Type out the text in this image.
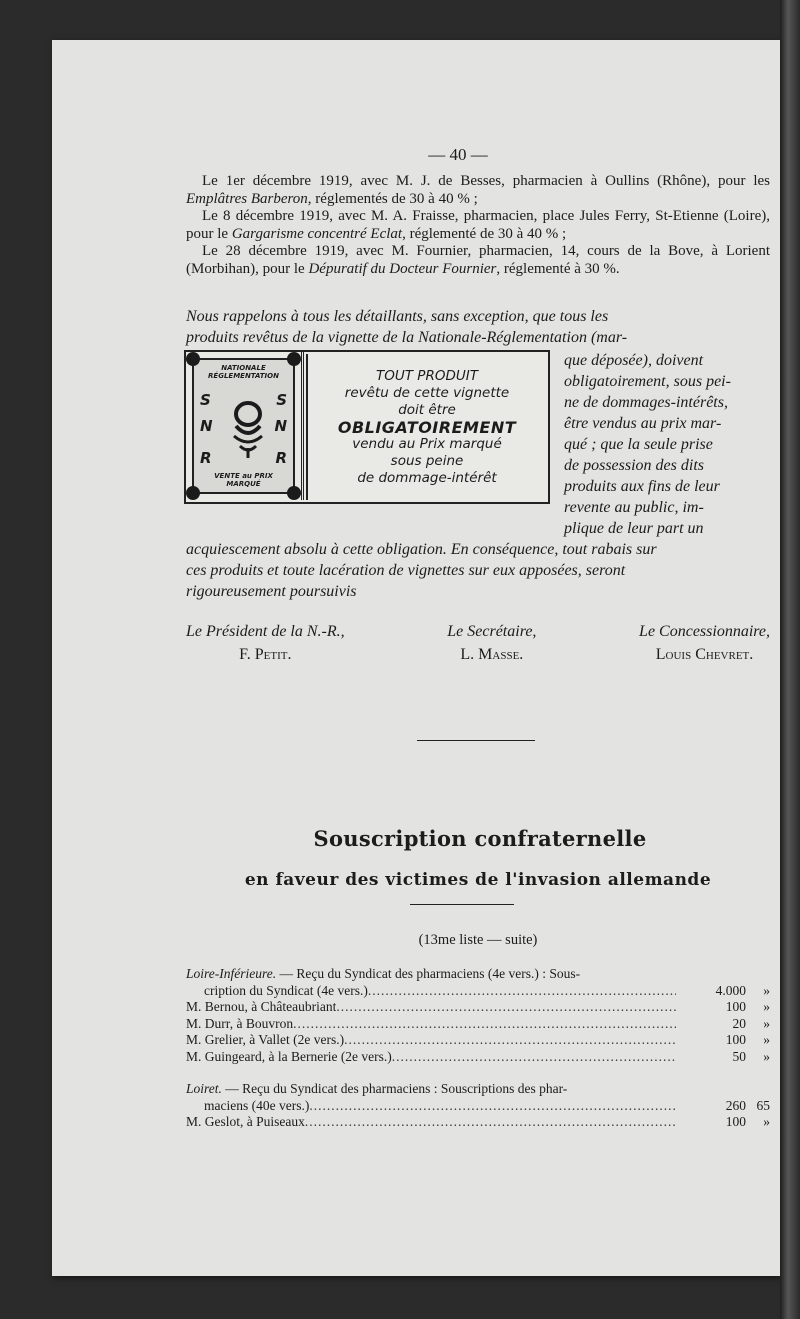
— 40 —

Le 1er décembre 1919, avec M. J. de Besses, pharmacien à Oullins (Rhône), pour les Emplâtres Barberon, réglementés de 30 à 40 % ;

Le 8 décembre 1919, avec M. A. Fraisse, pharmacien, place Jules Ferry, St-Etienne (Loire), pour le Gargarisme concentré Eclat, réglementé de 30 à 40 % ;

Le 28 décembre 1919, avec M. Fournier, pharmacien, 14, cours de la Bove, à Lorient (Morbihan), pour le Dépuratif du Docteur Fournier, réglementé à 30 %.

Nous rappelons à tous les détaillants, sans exception, que tous les
produits revêtus de la vignette de la Nationale-Réglementation (mar-
NATIONALE RÉGLEMENTATION
S	S
N	N
R	R
VENTE au PRIX MARQUÉ
TOUT PRODUIT
revêtu de cette vignette
doit être
OBLIGATOIREMENT
vendu au Prix marqué
sous peine
de dommage-intérêt
que déposée), doivent
obligatoirement, sous pei-
ne de dommages-intérêts,
être vendus au prix mar-
qué ; que la seule prise
de possession des dits
produits aux fins de leur
revente au public, im-
plique de leur part un
acquiescement absolu à cette obligation. En conséquence, tout rabais sur
ces produits et toute lacération de vignettes sur eux apposées, seront
rigoureusement poursuivis
Le Président de la N.-R.,
F. Petit.
Le Secrétaire,
L. Masse.
Le Concessionnaire,
Louis Chevret.
Souscription confraternelle
en faveur des victimes de l'invasion allemande
(13me liste — suite)
Loire-Inférieure. — Reçu du Syndicat des pharmaciens (4e vers.) : Sous-
cription du Syndicat (4e vers.) .....	4.000	»
M. Bernou, à Châteaubriant .....	100	»
M. Durr, à Bouvron .....	20	»
M. Grelier, à Vallet (2e vers.) .....	100	»
M. Guingeard, à la Bernerie (2e vers.) .....	50	»
Loiret. — Reçu du Syndicat des pharmaciens : Souscriptions des phar-
maciens (40e vers.) .....	260 65
M. Geslot, à Puiseaux .....	100	»
